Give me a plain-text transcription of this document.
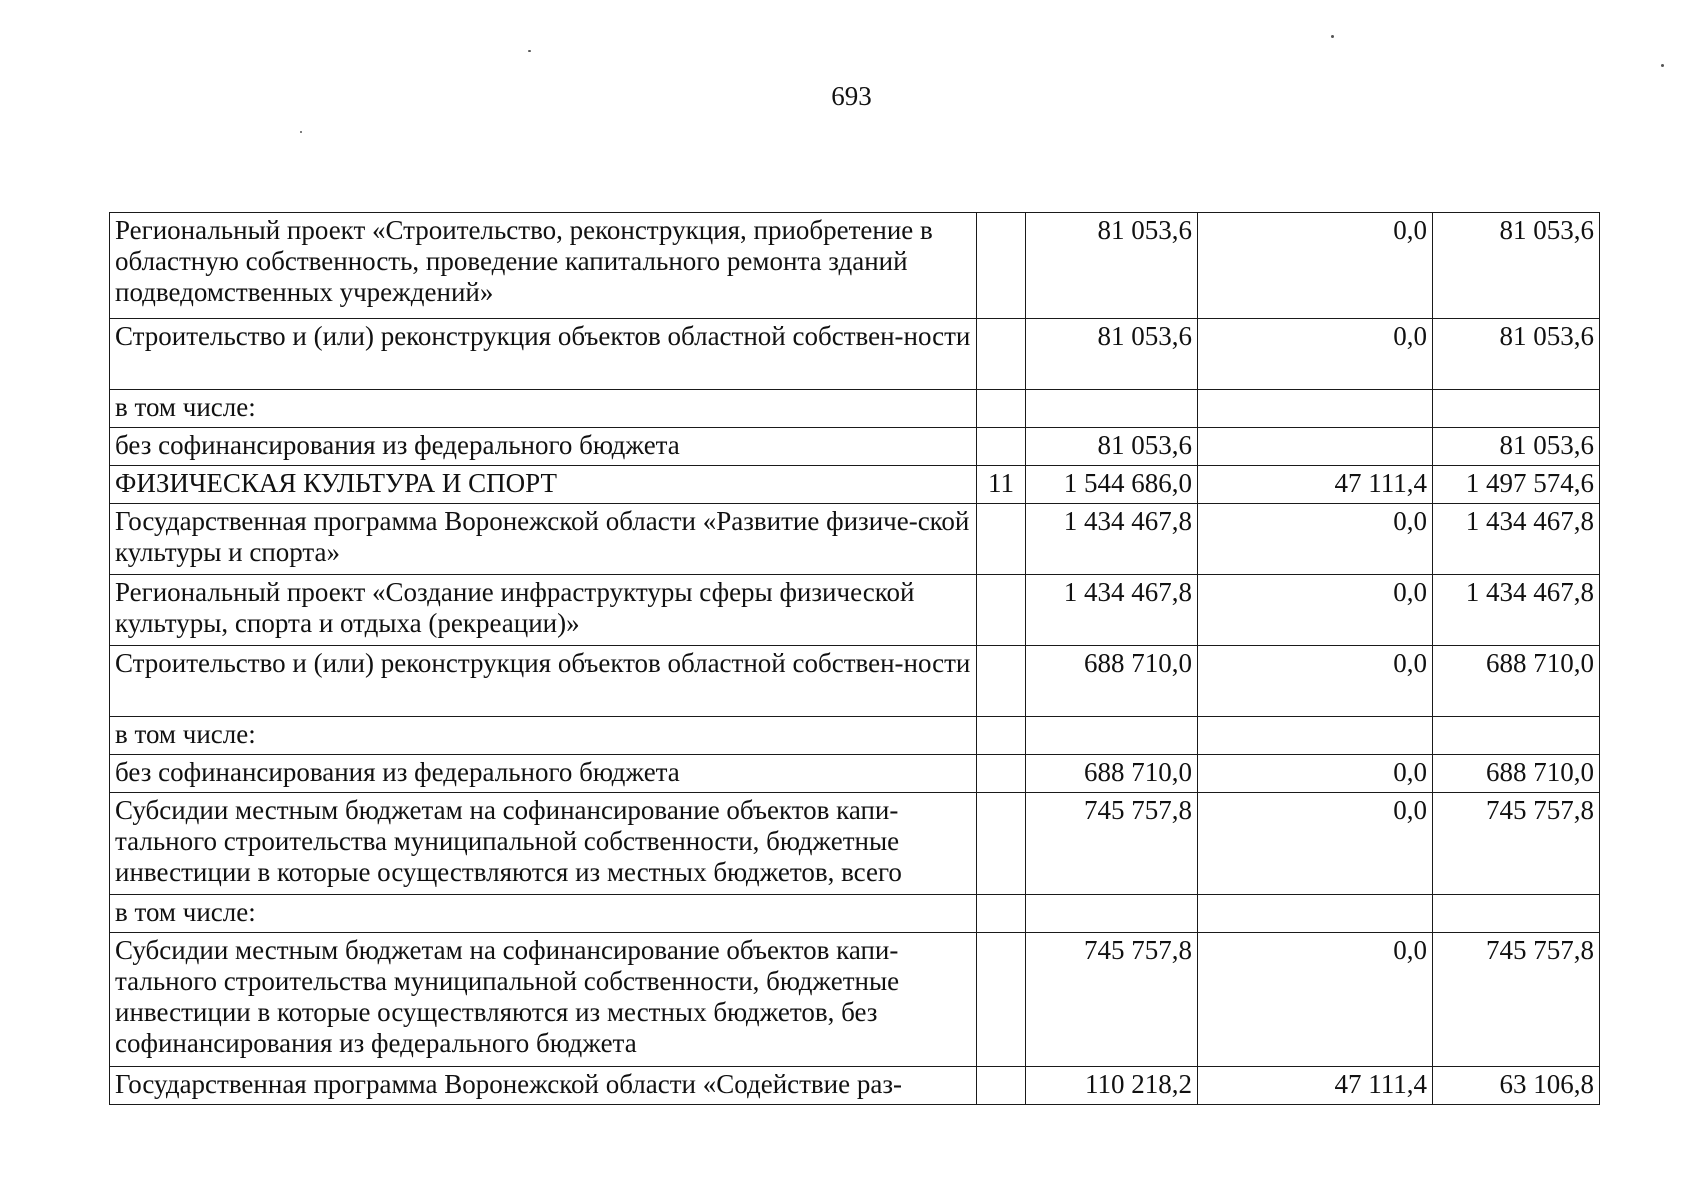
693
Региональный проект «Строительство, реконструкция, приобретение в областную собственность, проведение капитального ремонта зданий подведомственных учреждений»		81 053,6	0,0	81 053,6
Строительство и (или) реконструкция объектов областной собствен-ности		81 053,6	0,0	81 053,6
в том числе:				
без софинансирования из федерального бюджета		81 053,6		81 053,6
ФИЗИЧЕСКАЯ КУЛЬТУРА И СПОРТ	11	1 544 686,0	47 111,4	1 497 574,6
Государственная программа Воронежской области «Развитие физиче-ской культуры и спорта»		1 434 467,8	0,0	1 434 467,8
Региональный проект «Создание инфраструктуры сферы физической культуры, спорта и отдыха (рекреации)»		1 434 467,8	0,0	1 434 467,8
Строительство и (или) реконструкция объектов областной собствен-ности		688 710,0	0,0	688 710,0
в том числе:				
без софинансирования из федерального бюджета		688 710,0	0,0	688 710,0
Субсидии местным бюджетам на софинансирование объектов капи-тального строительства муниципальной собственности, бюджетные инвестиции в которые осуществляются из местных бюджетов, всего		745 757,8	0,0	745 757,8
в том числе:				
Субсидии местным бюджетам на софинансирование объектов капи-тального строительства муниципальной собственности, бюджетные инвестиции в которые осуществляются из местных бюджетов, без софинансирования из федерального бюджета		745 757,8	0,0	745 757,8
Государственная программа Воронежской области «Содействие раз-		110 218,2	47 111,4	63 106,8
